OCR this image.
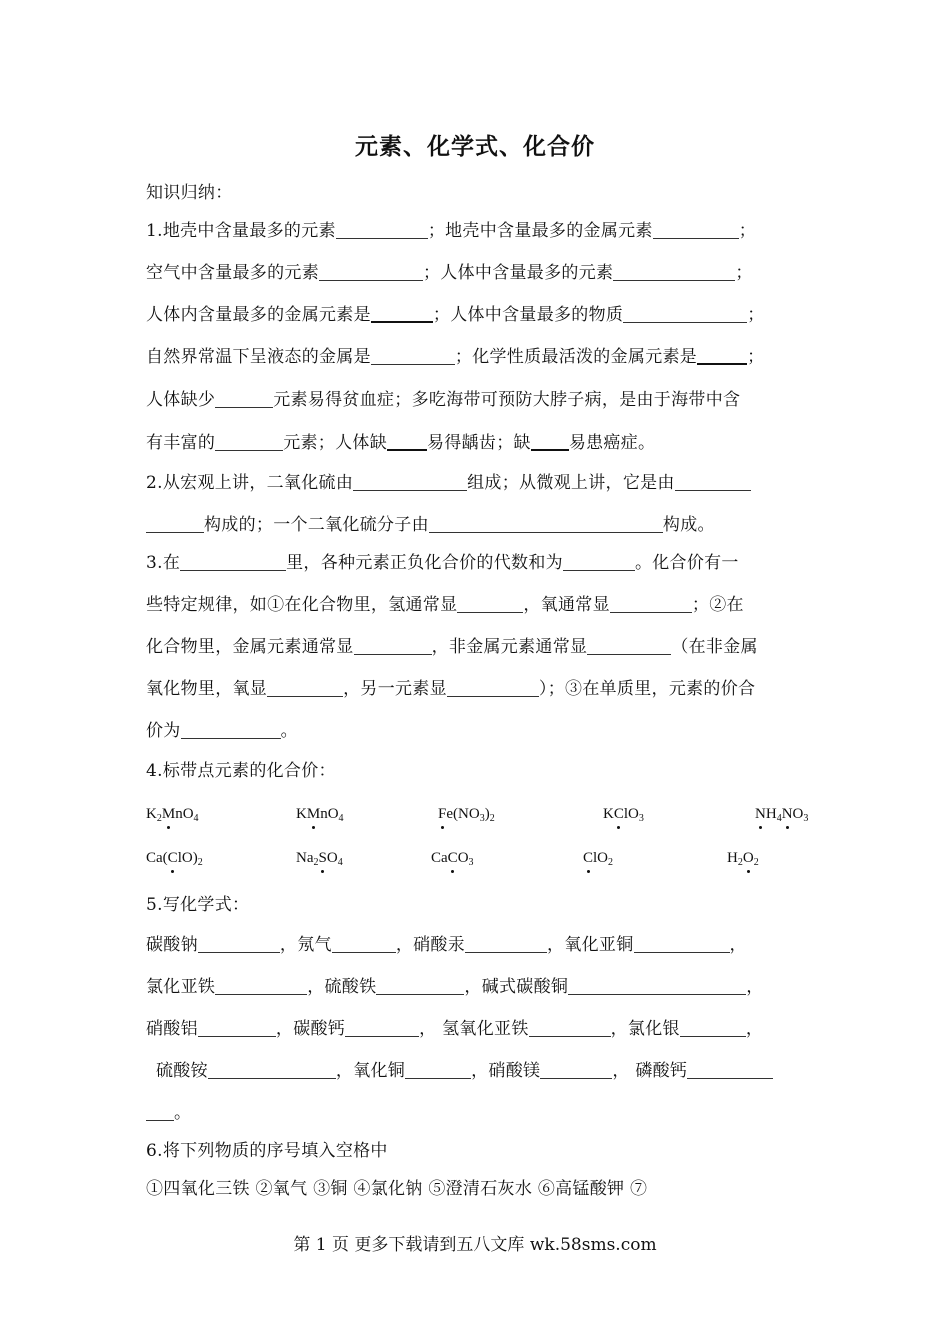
元素、化学式、化合价
知识归纳：
1.地壳中含量最多的元素	；地壳中含量最多的金属元素	；
空气中含量最多的元素	；人体中含量最多的元素	；
人体内含量最多的金属元素是	；人体中含量最多的物质	；
自然界常温下呈液态的金属是	；化学性质最活泼的金属元素是	；
人体缺少	元素易得贫血症；多吃海带可预防大脖子病，是由于海带中含
有丰富的	元素；人体缺 易得龋齿；缺 易患癌症。
2.从宏观上讲，二氧化硫由	组成；从微观上讲，它是由
构成的；一个二氧化硫分子由	构成。
3.在	里，各种元素正负化合价的代数和为	。化合价有一
些特定规律，如①在化合物里，氢通常显	，氧通常显	；②在
化合物里，金属元素通常显	，非金属元素通常显	（在非金属
氧化物里，氧显	，另一元素显	）；③在单质里，元素的价合
价为	。
4.标带点元素的化合价：
$K_2MnO_4$	KMnO$_4$	$Fe(NO_3)_2$	KClO$_3$	$NH_4NO_3$
$Ca(ClO)_2$	$Na_2SO_4$	CaCO$_3$	ClO$_2$	$H_2O_2$
5.写化学式：
碳酸钠	，氖气	，硝酸汞	，氧化亚铜	，
氯化亚铁	，硫酸铁	，碱式碳酸铜	，
硝酸铝	，碳酸钙	， 氢氧化亚铁	，氯化银	，
硫酸铵	，氧化铜	，硝酸镁	， 磷酸钙
。
6.将下列物质的序号填入空格中
①四氧化三铁 ②氧气 ③铜 ④氯化钠 ⑤澄清石灰水 ⑥高锰酸钾 ⑦
第 1 页 更多下载请到五八文库 wk.58sms.com
